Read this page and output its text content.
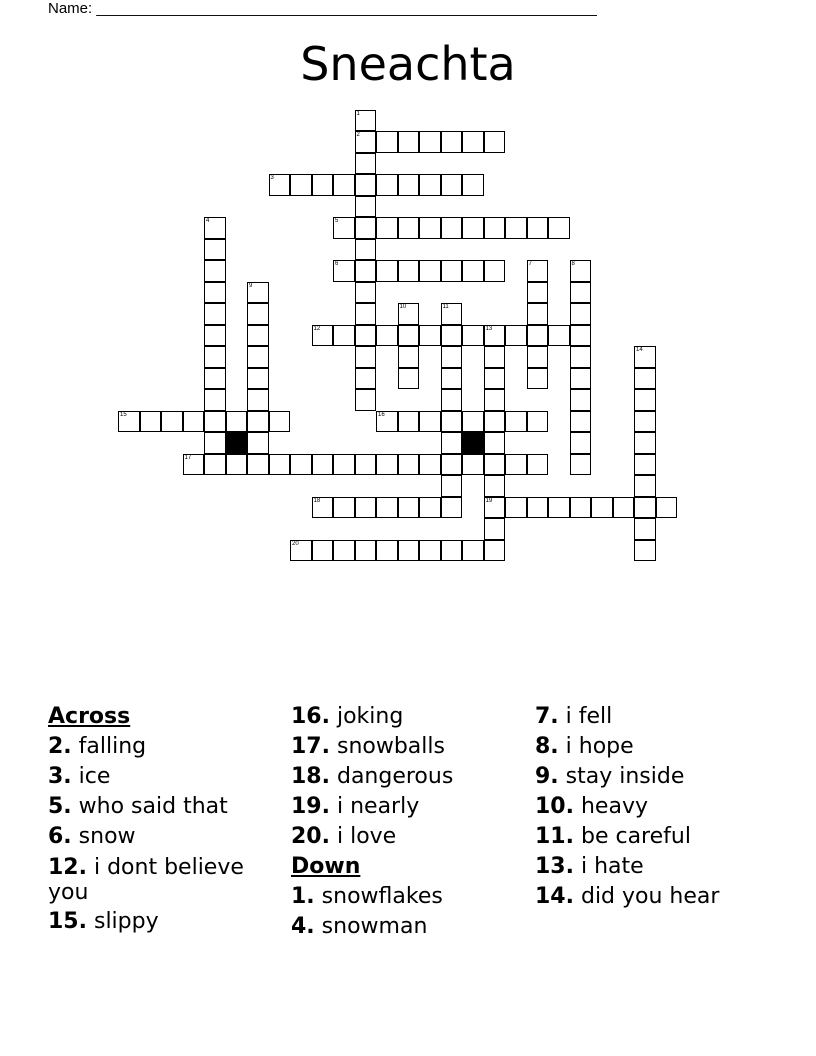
Name: ____________________________________________________________
Sneachta
1
2
3
4	5
6	7	8
9
10	11
12	13
14
15	16
17
18	19
20
Across
2. falling
3. ice
5. who said that
6. snow
12. i dont believe you
15. slippy
16. joking
17. snowballs
18. dangerous
19. i nearly
20. i love
Down
1. snowflakes
4. snowman
7. i fell
8. i hope
9. stay inside
10. heavy
11. be careful
13. i hate
14. did you hear
